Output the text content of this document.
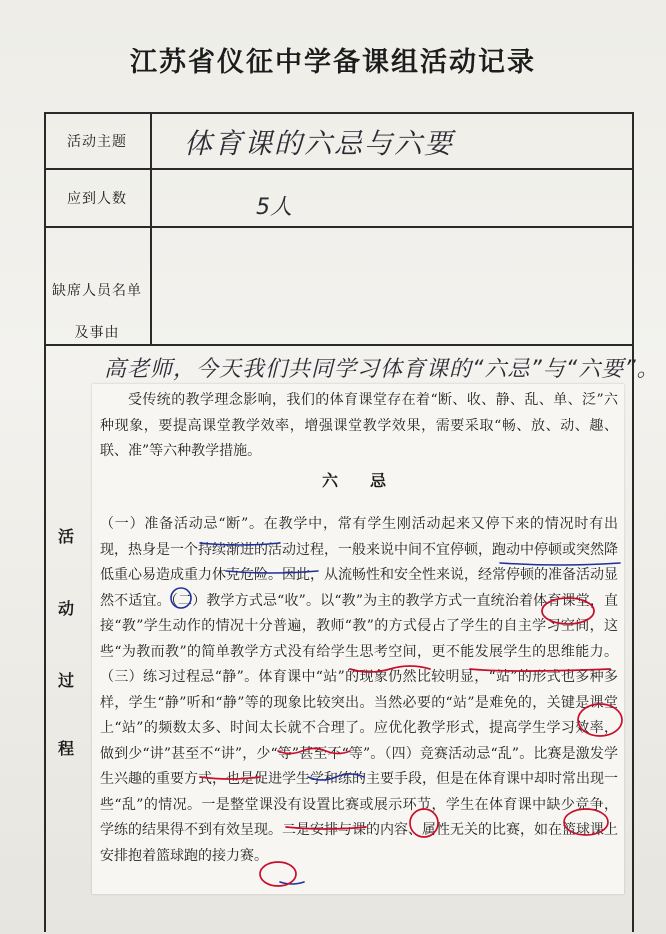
江苏省仪征中学备课组活动记录
活动主题
应到人数
缺席人员名单
及事由
体育课的六忌与六要
5人
活
动
过
程
高老师，今天我们共同学习体育课的“六忌”与“六要”。
受传统的教学理念影响，我们的体育课堂存在着“断、收、静、乱、单、泛”六种现象，要提高课堂教学效率，增强课堂教学效果，需要采取“畅、放、动、趣、联、准”等六种教学措施。
六　忌
（一）准备活动忌“断”。在教学中，常有学生刚活动起来又停下来的情况时有出现，热身是一个持续渐进的活动过程，一般来说中间不宜停顿，跑动中停顿或突然降低重心易造成重力休克危险。因此，从流畅性和安全性来说，经常停顿的准备活动显然不适宜。（二）教学方式忌“收”。以“教”为主的教学方式一直统治着体育课堂，直接“教”学生动作的情况十分普遍，教师“教”的方式侵占了学生的自主学习空间，这些“为教而教”的简单教学方式没有给学生思考空间，更不能发展学生的思维能力。（三）练习过程忌“静”。体育课中“站”的现象仍然比较明显，“站”的形式也多种多样，学生“静”听和“静”等的现象比较突出。当然必要的“站”是难免的，关键是课堂上“站”的频数太多、时间太长就不合理了。应优化教学形式，提高学生学习效率，做到少“讲”甚至不“讲”，少“等”甚至不“等”。（四）竞赛活动忌“乱”。比赛是激发学生兴趣的重要方式，也是促进学生学和练的主要手段，但是在体育课中却时常出现一些“乱”的情况。一是整堂课没有设置比赛或展示环节，学生在体育课中缺少竞争，学练的结果得不到有效呈现。二是安排与课的内容、属性无关的比赛，如在篮球课上安排抱着篮球跑的接力赛。
